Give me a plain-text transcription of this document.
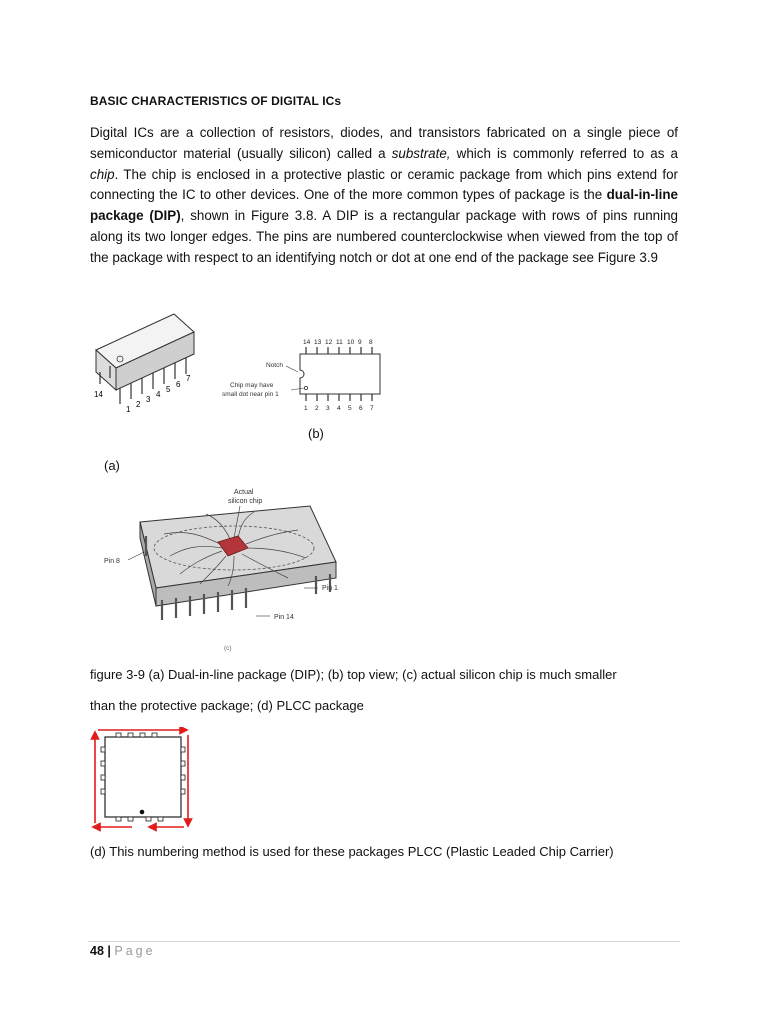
BASIC CHARACTERISTICS OF DIGITAL ICs
Digital ICs are a collection of resistors, diodes, and transistors fabricated on a single piece of semiconductor material (usually silicon) called a substrate, which is commonly referred to as a chip. The chip is enclosed in a protective plastic or ceramic package from which pins extend for connecting the IC to other devices. One of the more common types of package is the dual-in-line package (DIP), shown in Figure 3.8. A DIP is a rectangular package with rows of pins running along its two longer edges. The pins are numbered counterclockwise when viewed from the top of the package with respect to an identifying notch or dot at one end of the package see Figure 3.9
14
1
2
3
4
5
6
7
14 13 12 11 10 9 8
Notch
Chip may have
small dot near pin 1
1 2 3 4 5 6 7
(b)
(a)
Actual
silicon chip
Pin 8
Pin 1
Pin 14
(c)
figure 3-9 (a) Dual-in-line package (DIP); (b) top view; (c) actual silicon chip is much smaller
than the protective package; (d) PLCC package
(d) This numbering method is used for these packages PLCC (Plastic Leaded Chip Carrier)
48 | Page
